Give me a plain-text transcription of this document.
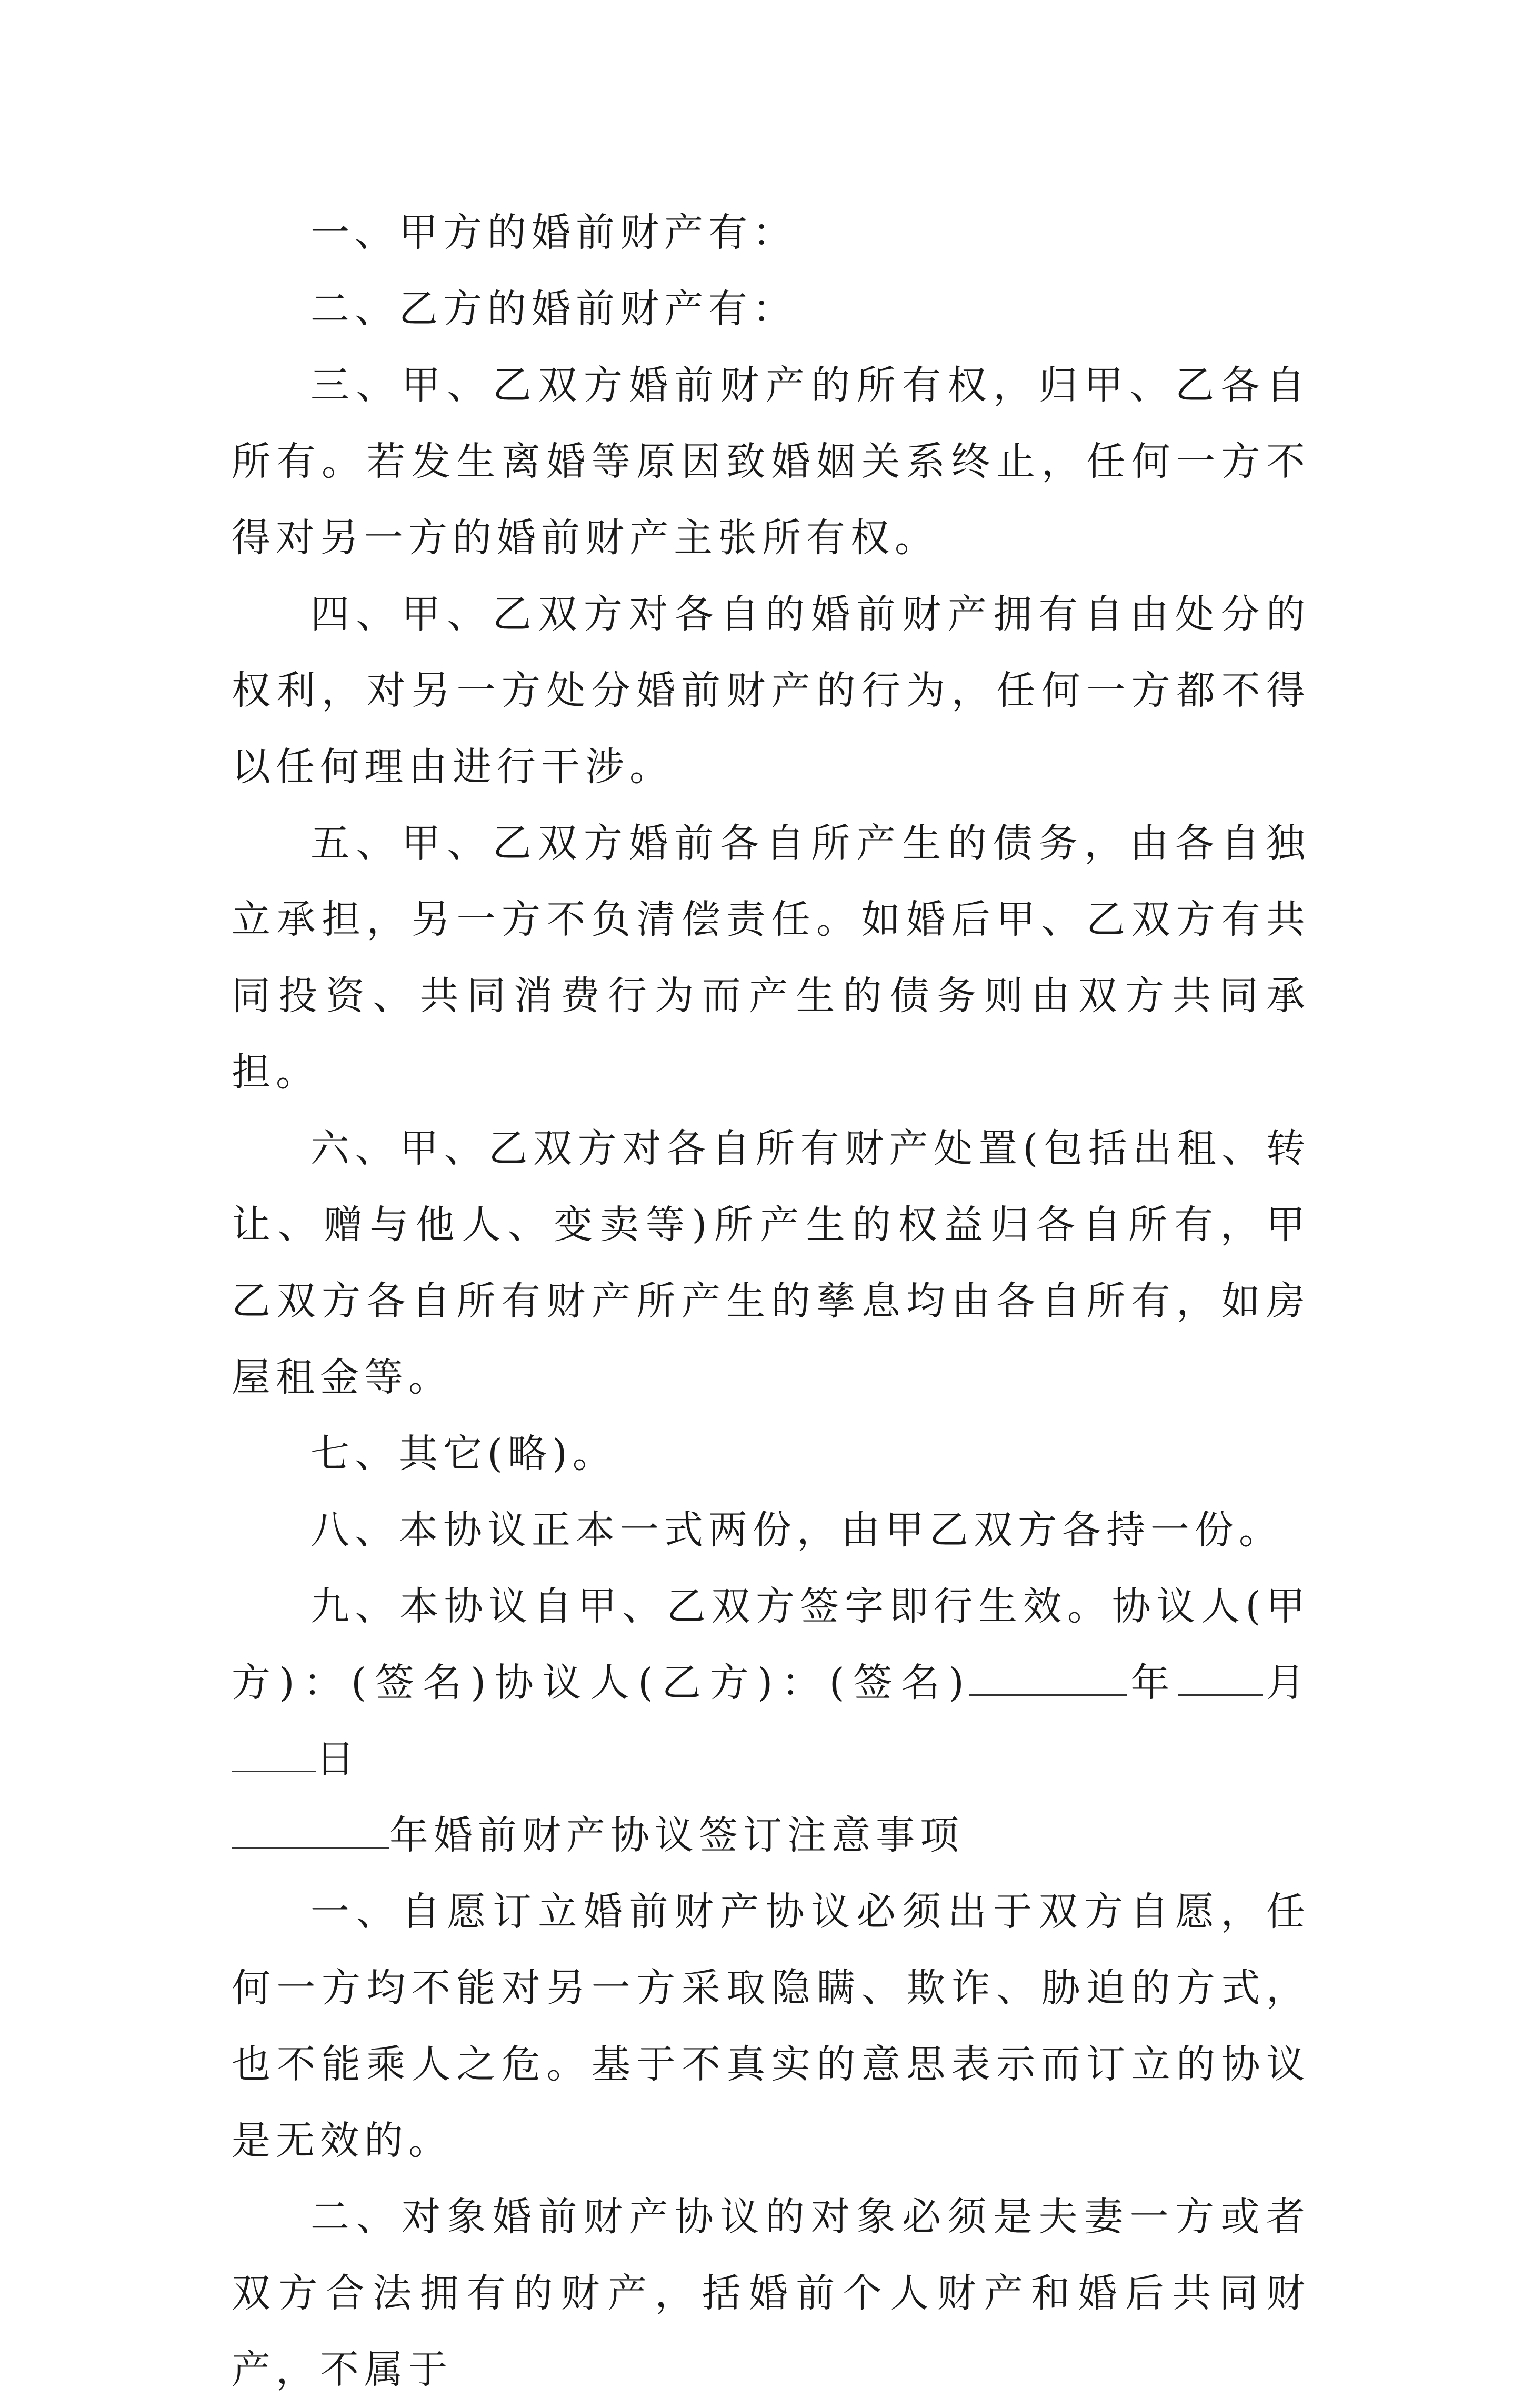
一、甲方的婚前财产有：

二、乙方的婚前财产有：

三、甲、乙双方婚前财产的所有权，归甲、乙各自所有。若发生离婚等原因致婚姻关系终止，任何一方不得对另一方的婚前财产主张所有权。

四、甲、乙双方对各自的婚前财产拥有自由处分的权利，对另一方处分婚前财产的行为，任何一方都不得以任何理由进行干涉。

五、甲、乙双方婚前各自所产生的债务，由各自独立承担，另一方不负清偿责任。如婚后甲、乙双方有共同投资、共同消费行为而产生的债务则由双方共同承担。

六、甲、乙双方对各自所有财产处置(包括出租、转让、赠与他人、变卖等)所产生的权益归各自所有，甲乙双方各自所有财产所产生的孳息均由各自所有，如房屋租金等。

七、其它(略)。

八、本协议正本一式两份，由甲乙双方各持一份。

九、本协议自甲、乙双方签字即行生效。协议人(甲方)：(签名)协议人(乙方)：(签名)	年 月日

年婚前财产协议签订注意事项

一、自愿订立婚前财产协议必须出于双方自愿，任何一方均不能对另一方采取隐瞒、欺诈、胁迫的方式，也不能乘人之危。基于不真实的意思表示而订立的协议是无效的。

二、对象婚前财产协议的对象必须是夫妻一方或者双方合法拥有的财产，括婚前个人财产和婚后共同财产，不属于
